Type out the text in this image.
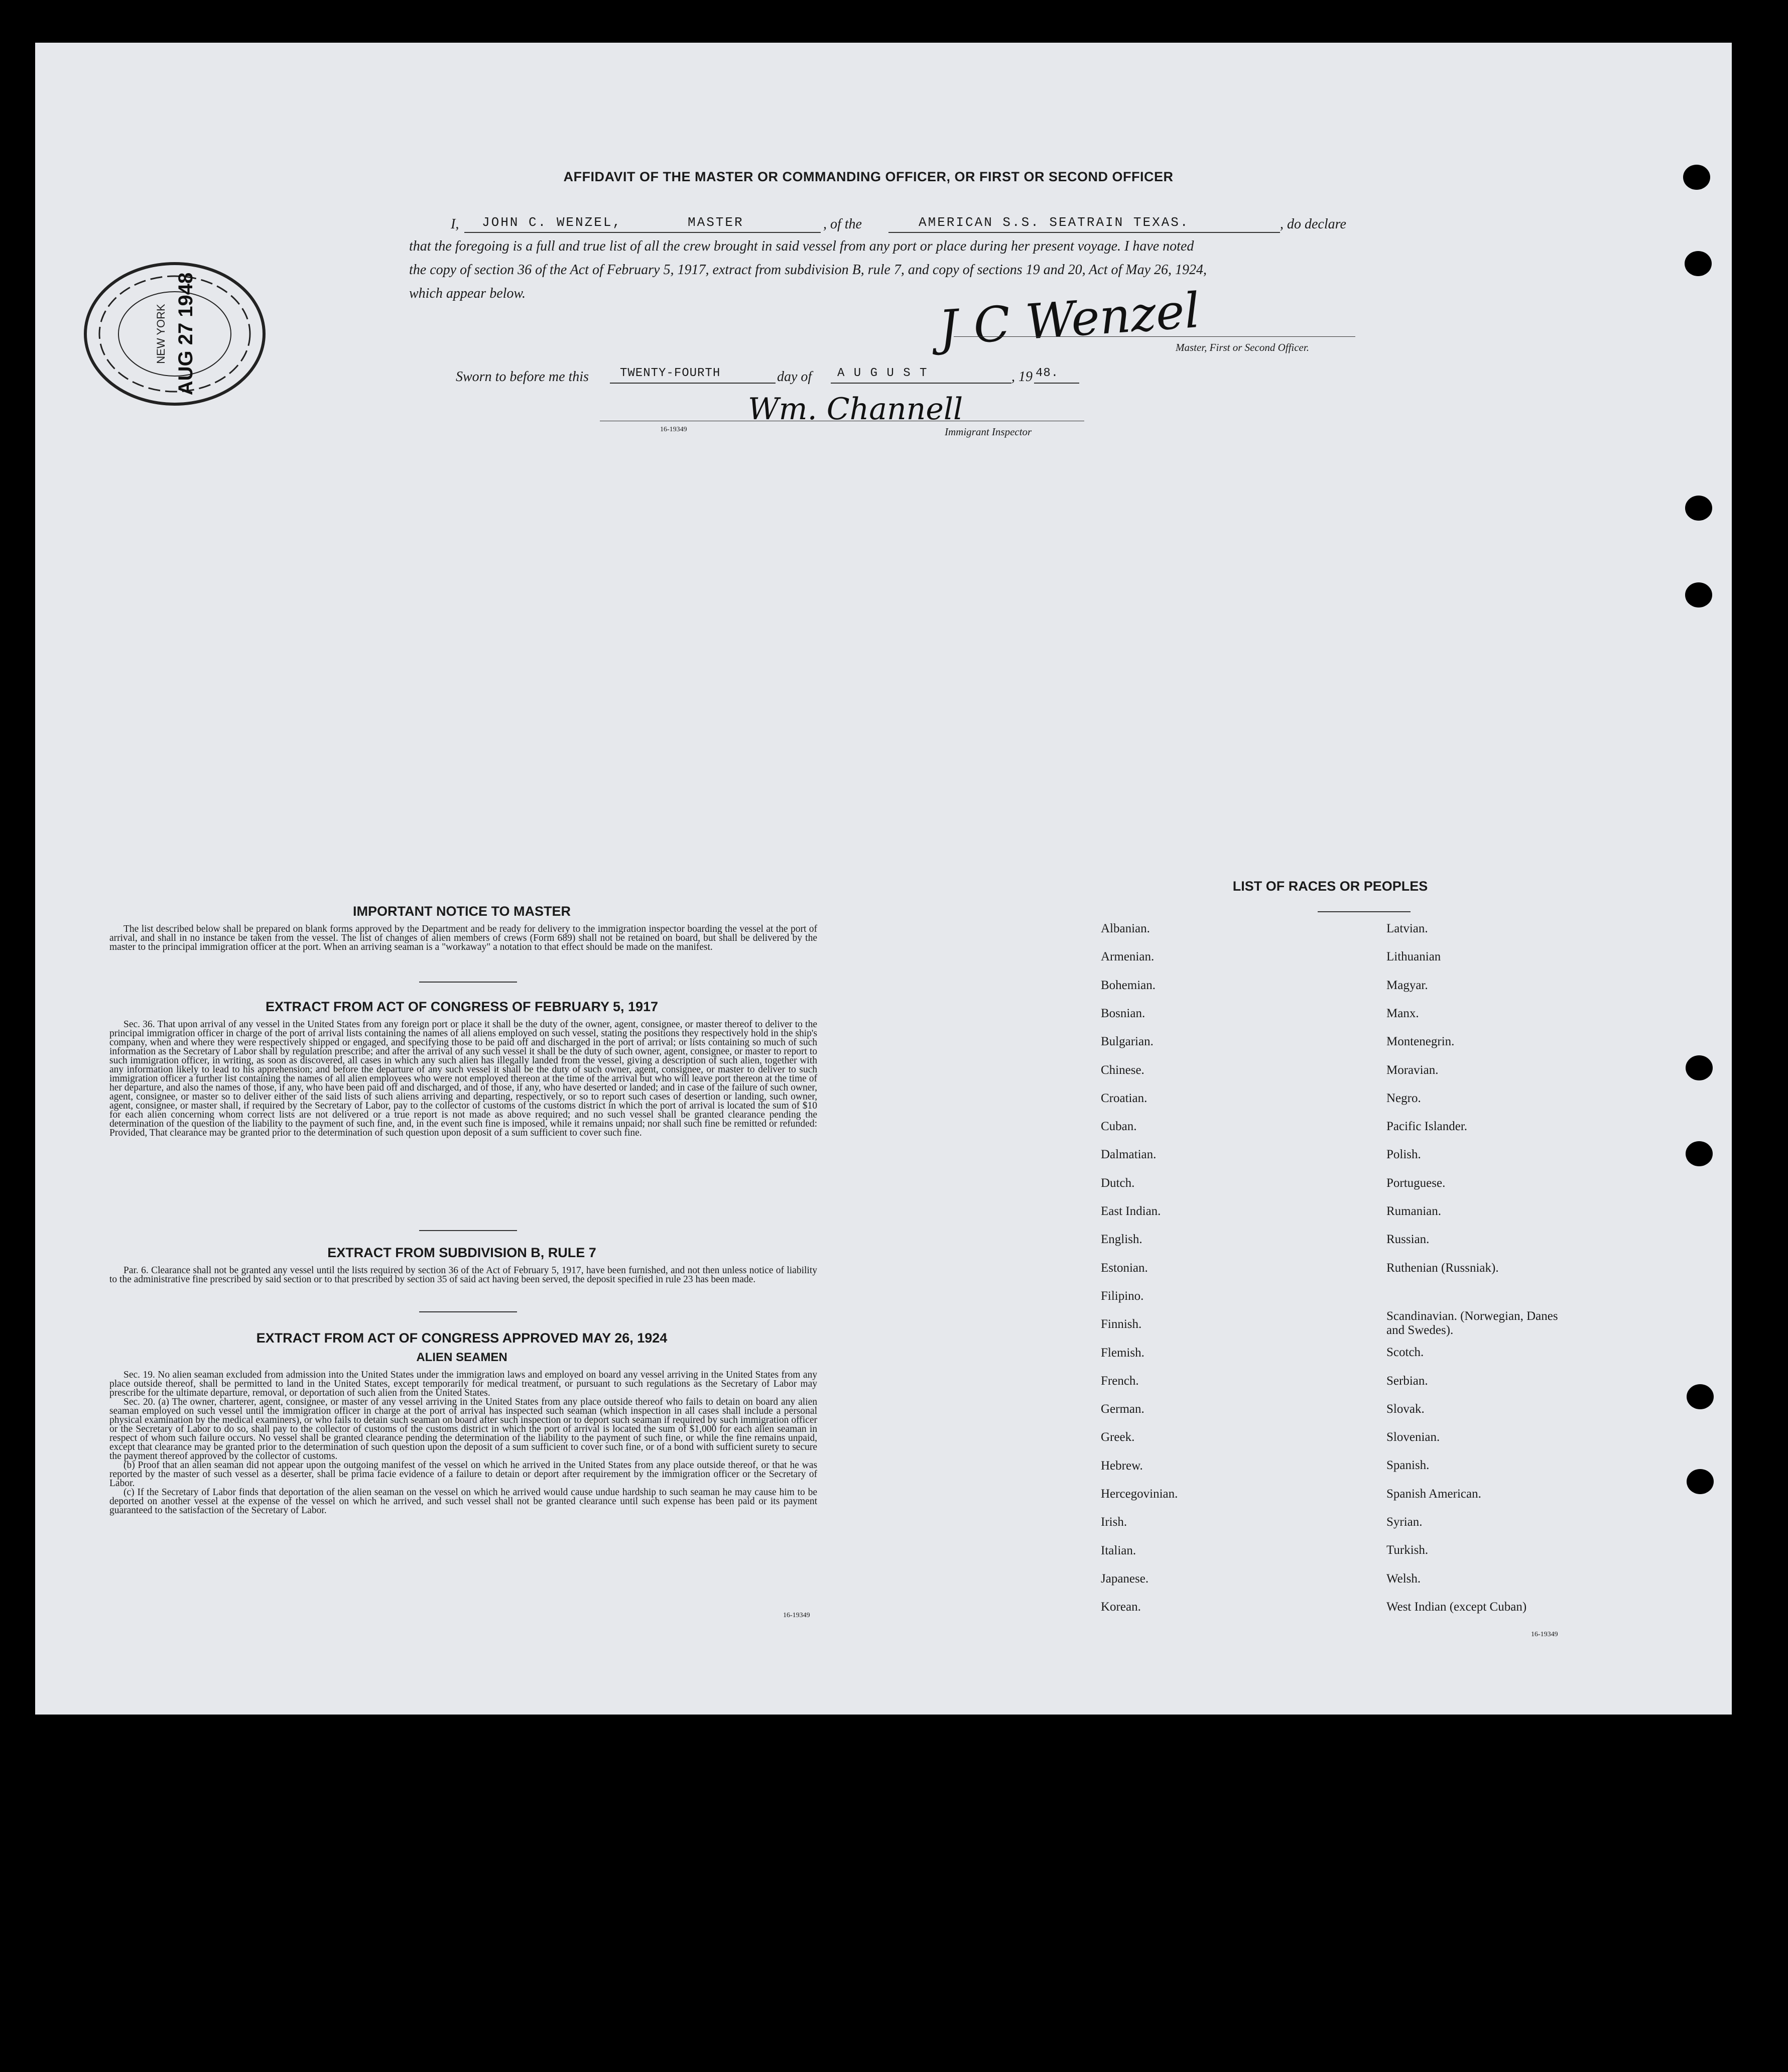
AFFIDAVIT OF THE MASTER OR COMMANDING OFFICER, OR FIRST OR SECOND OFFICER
I, JOHN C. WENZEL,	MASTER	, of the	AMERICAN S.S. SEATRAIN TEXAS.	, do declare
that the foregoing is a full and true list of all the crew brought in said vessel from any port or place during her present voyage. I have noted
the copy of section 36 of the Act of February 5, 1917, extract from subdivision B, rule 7, and copy of sections 19 and 20, Act of May 26, 1924,
which appear below.	J C Wenzel
Master, First or Second Officer.
Sworn to before me this	TWENTY-FOURTH	day of A U G U S T	, 19 48.
Wm. Channell
16-19349	Immigrant Inspector
NEW YORK AUG 27 1948
IMPORTANT NOTICE TO MASTER

The list described below shall be prepared on blank forms approved by the Department and be ready for delivery to the immigration inspector boarding the vessel at the port of arrival, and shall in no instance be taken from the vessel. The list of changes of alien members of crews (Form 689) shall not be retained on board, but shall be delivered by the master to the principal immigration officer at the port. When an arriving seaman is a "workaway" a notation to that effect should be made on the manifest.

EXTRACT FROM ACT OF CONGRESS OF FEBRUARY 5, 1917

Sec. 36. That upon arrival of any vessel in the United States from any foreign port or place it shall be the duty of the owner, agent, consignee, or master thereof to deliver to the principal immigration officer in charge of the port of arrival lists containing the names of all aliens employed on such vessel, stating the positions they respectively hold in the ship's company, when and where they were respectively shipped or engaged, and specifying those to be paid off and discharged in the port of arrival; or lists containing so much of such information as the Secretary of Labor shall by regulation prescribe; and after the arrival of any such vessel it shall be the duty of such owner, agent, consignee, or master to report to such immigration officer, in writing, as soon as discovered, all cases in which any such alien has illegally landed from the vessel, giving a description of such alien, together with any information likely to lead to his apprehension; and before the departure of any such vessel it shall be the duty of such owner, agent, consignee, or master to deliver to such immigration officer a further list containing the names of all alien employees who were not employed thereon at the time of the arrival but who will leave port thereon at the time of her departure, and also the names of those, if any, who have been paid off and discharged, and of those, if any, who have deserted or landed; and in case of the failure of such owner, agent, consignee, or master so to deliver either of the said lists of such aliens arriving and departing, respectively, or so to report such cases of desertion or landing, such owner, agent, consignee, or master shall, if required by the Secretary of Labor, pay to the collector of customs of the customs district in which the port of arrival is located the sum of $10 for each alien concerning whom correct lists are not delivered or a true report is not made as above required; and no such vessel shall be granted clearance pending the determination of the question of the liability to the payment of such fine, and, in the event such fine is imposed, while it remains unpaid; nor shall such fine be remitted or refunded: Provided, That clearance may be granted prior to the determination of such question upon deposit of a sum sufficient to cover such fine.

EXTRACT FROM SUBDIVISION B, RULE 7

Par. 6. Clearance shall not be granted any vessel until the lists required by section 36 of the Act of February 5, 1917, have been furnished, and not then unless notice of liability to the administrative fine prescribed by said section or to that prescribed by section 35 of said act having been served, the deposit specified in rule 23 has been made.

EXTRACT FROM ACT OF CONGRESS APPROVED MAY 26, 1924
ALIEN SEAMEN

Sec. 19. No alien seaman excluded from admission into the United States under the immigration laws and employed on board any vessel arriving in the United States from any place outside thereof, shall be permitted to land in the United States, except temporarily for medical treatment, or pursuant to such regulations as the Secretary of Labor may prescribe for the ultimate departure, removal, or deportation of such alien from the United States.

Sec. 20. (a) The owner, charterer, agent, consignee, or master of any vessel arriving in the United States from any place outside thereof who fails to detain on board any alien seaman employed on such vessel until the immigration officer in charge at the port of arrival has inspected such seaman (which inspection in all cases shall include a personal physical examination by the medical examiners), or who fails to detain such seaman on board after such inspection or to deport such seaman if required by such immigration officer or the Secretary of Labor to do so, shall pay to the collector of customs of the customs district in which the port of arrival is located the sum of $1,000 for each alien seaman in respect of whom such failure occurs. No vessel shall be granted clearance pending the determination of the liability to the payment of such fine, or while the fine remains unpaid, except that clearance may be granted prior to the determination of such question upon the deposit of a sum sufficient to cover such fine, or of a bond with sufficient surety to secure the payment thereof approved by the collector of customs.

(b) Proof that an alien seaman did not appear upon the outgoing manifest of the vessel on which he arrived in the United States from any place outside thereof, or that he was reported by the master of such vessel as a deserter, shall be prima facie evidence of a failure to detain or deport after requirement by the immigration officer or the Secretary of Labor.

(c) If the Secretary of Labor finds that deportation of the alien seaman on the vessel on which he arrived would cause undue hardship to such seaman he may cause him to be deported on another vessel at the expense of the vessel on which he arrived, and such vessel shall not be granted clearance until such expense has been paid or its payment guaranteed to the satisfaction of the Secretary of Labor.

16-19349
LIST OF RACES OR PEOPLES
Albanian.
Armenian.
Bohemian.
Bosnian.
Bulgarian.
Chinese.
Croatian.
Cuban.
Dalmatian.
Dutch.
East Indian.
English.
Estonian.
Filipino.
Finnish.
Flemish.
French.
German.
Greek.
Hebrew.
Hercegovinian.
Irish.
Italian.
Japanese.
Korean.
Latvian.
Lithuanian
Magyar.
Manx.
Montenegrin.
Moravian.
Negro.
Pacific Islander.
Polish.
Portuguese.
Rumanian.
Russian.
Ruthenian (Russniak).
Scandinavian. (Norwegian, Danes and Swedes).
Scotch.
Serbian.
Slovak.
Slovenian.
Spanish.
Spanish American.
Syrian.
Turkish.
Welsh.
West Indian (except Cuban)
16-19349
